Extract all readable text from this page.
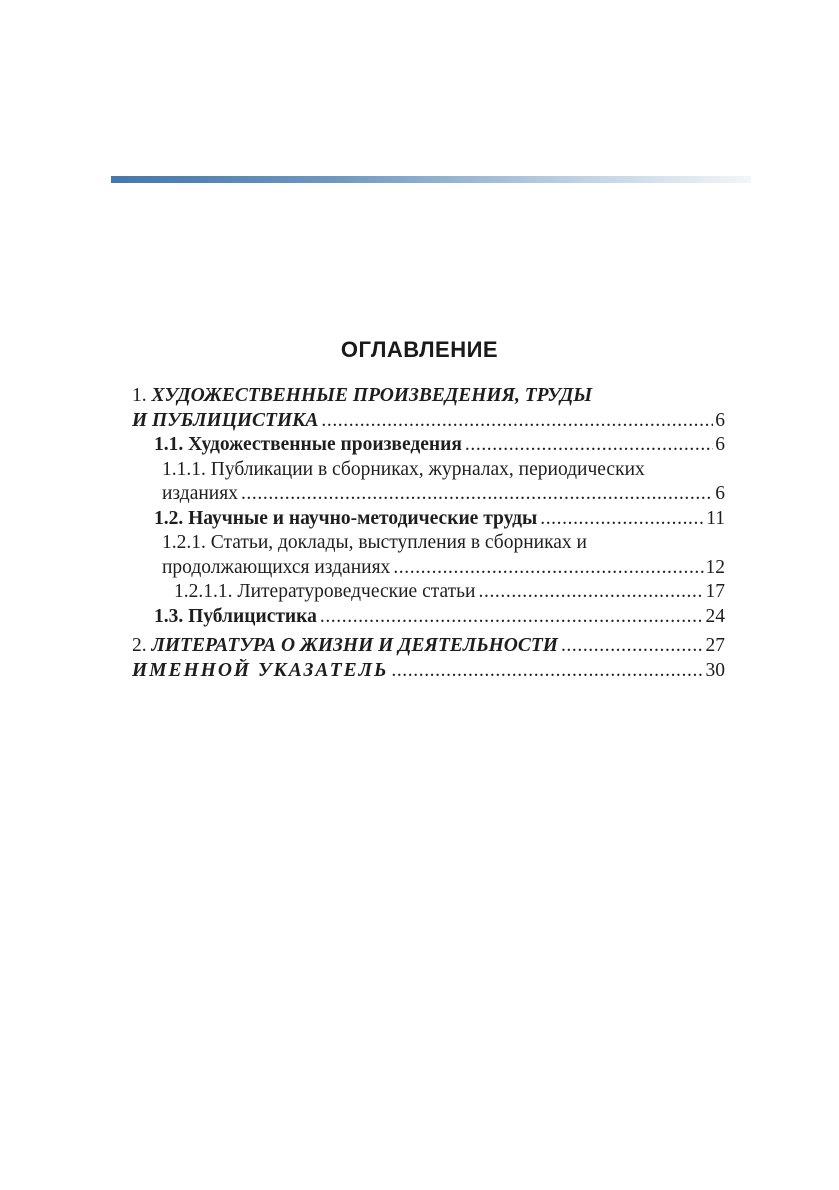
ОГЛАВЛЕНИЕ
1. ХУДОЖЕСТВЕННЫЕ ПРОИЗВЕДЕНИЯ, ТРУДЫ
И ПУБЛИЦИСТИКА .....	6
1.1. Художественные произведения .....	6
1.1.1. Публикации в сборниках, журналах, периодических
изданиях .....	6
1.2. Научные и научно-методические труды .....	11
1.2.1. Статьи, доклады, выступления в сборниках и
продолжающихся изданиях .....	12
1.2.1.1. Литературоведческие статьи .....	17
1.3. Публицистика .....	24
2. ЛИТЕРАТУРА О ЖИЗНИ И ДЕЯТЕЛЬНОСТИ .....	27
ИМЕННОЙ УКАЗАТЕЛЬ .....	30
